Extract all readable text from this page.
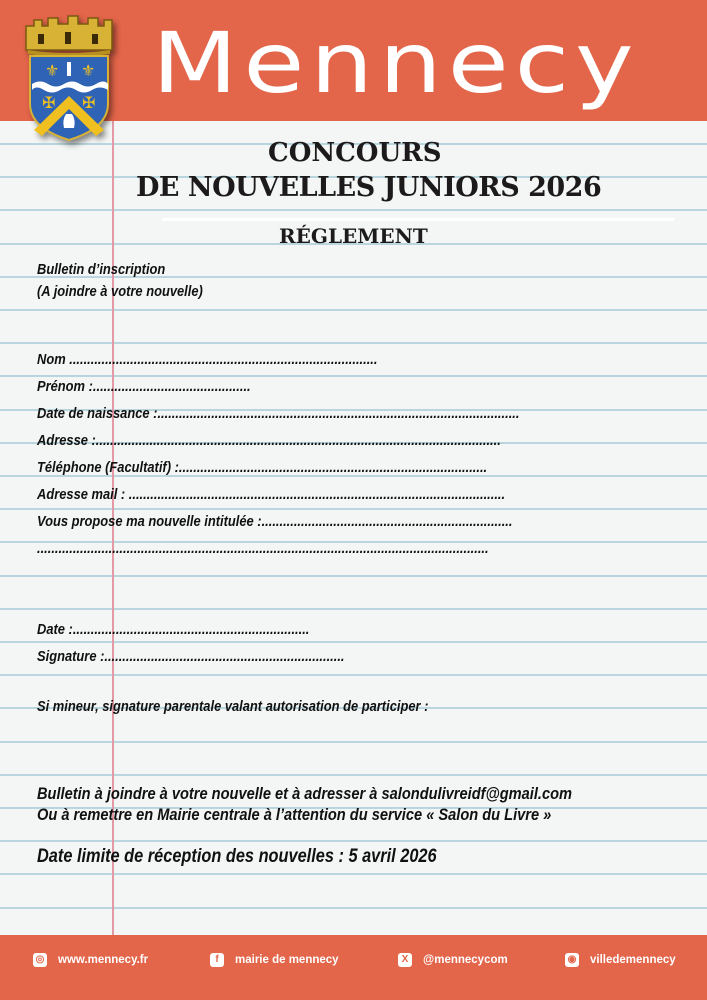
Mennecy
⚜ ⚜
✠ ✠
CONCOURS
DE NOUVELLES JUNIORS 2026
RÉGLEMENT
Bulletin d’inscription
(A joindre à votre nouvelle)
Nom ......................................................................................
Prénom :............................................
Date de naissance :.....................................................................................................
Adresse :.................................................................................................................
Téléphone (Facultatif) :......................................................................................
Adresse mail : .........................................................................................................
Vous propose ma nouvelle intitulée :......................................................................
..............................................................................................................................
Date :..................................................................
Signature :...................................................................
Si mineur, signature parentale valant autorisation de participer :
Bulletin à joindre à votre nouvelle et à adresser à salondulivreidf@gmail.com
Ou à remettre en Mairie centrale à l’attention du service « Salon du Livre »
Date limite de réception des nouvelles : 5 avril 2026
◎ www.mennecy.fr	f	mairie de mennecy	X	@mennecycom	◉ villedemennecy
